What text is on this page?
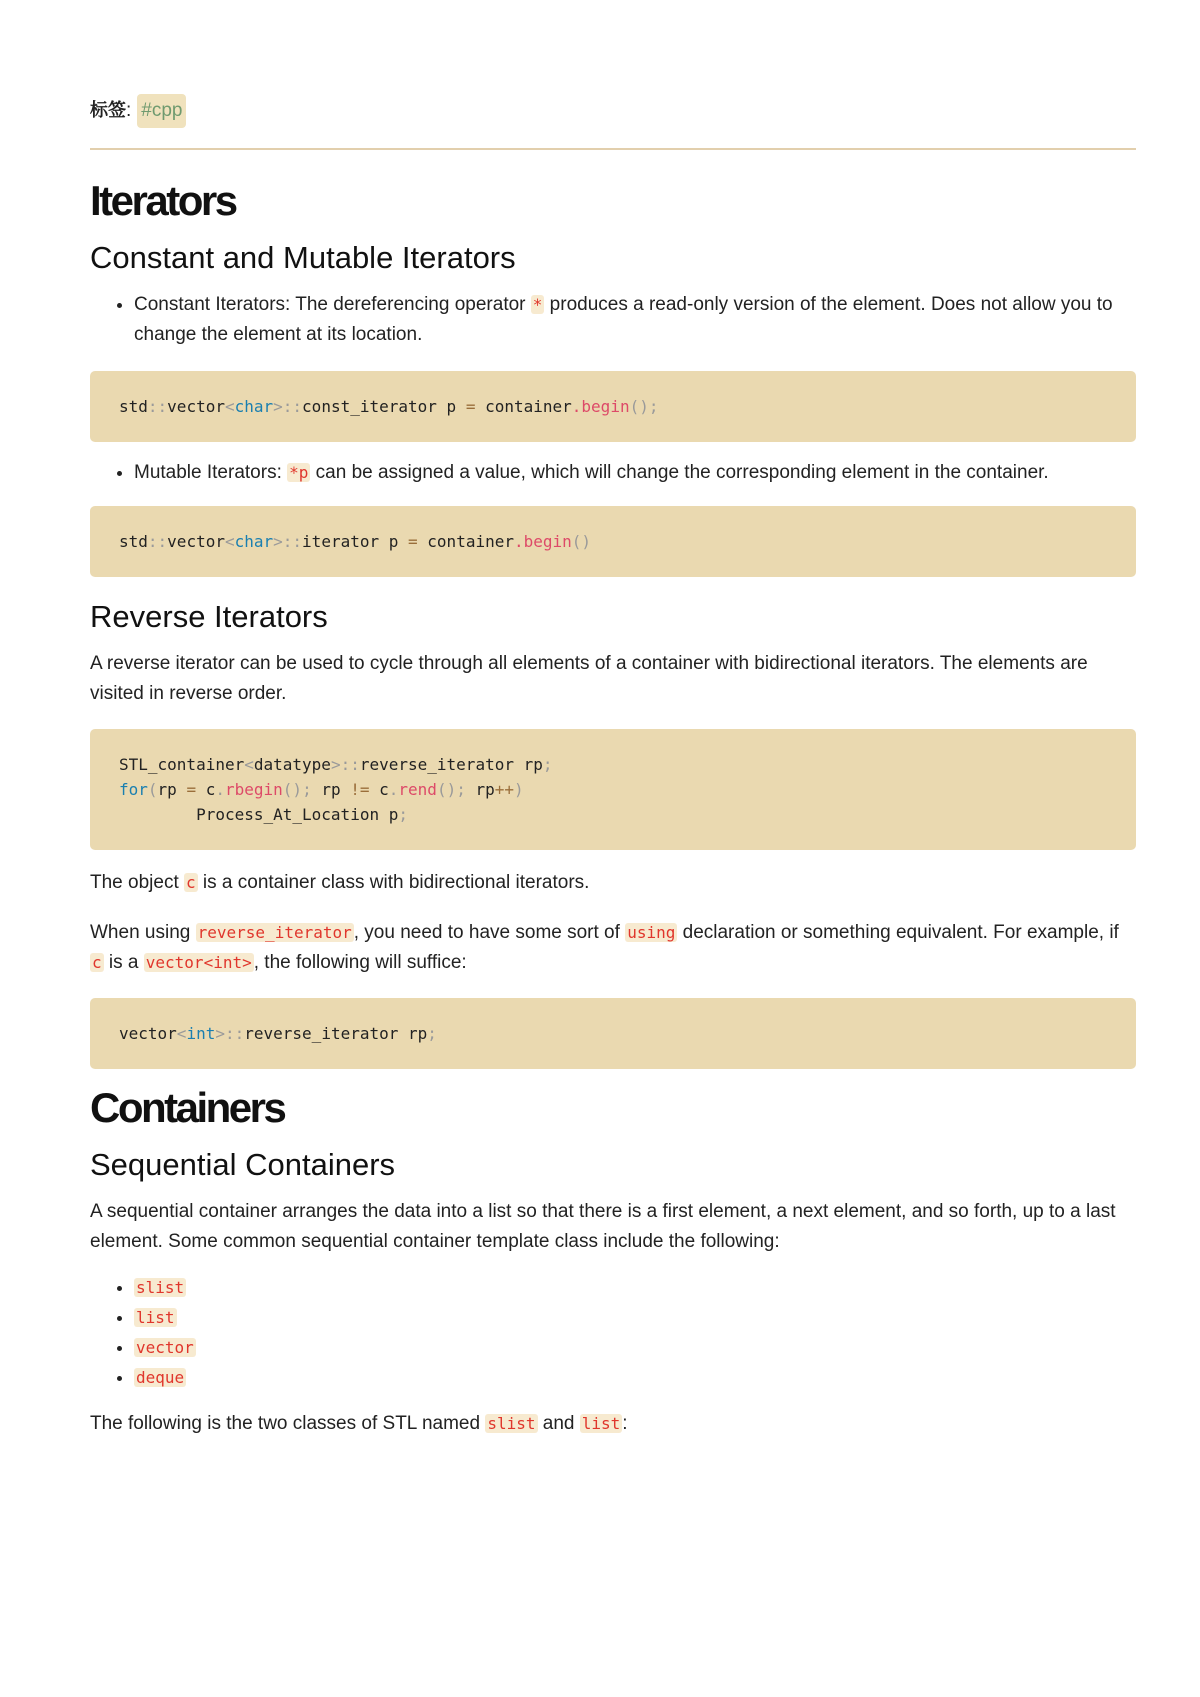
标签 : #cpp
Iterators
Constant and Mutable Iterators
• Constant Iterators: The dereferencing operator * produces a read-only version of the element. Does not allow you to change the element at its location.
std::vector<char>::const_iterator p = container.begin();
• Mutable Iterators: *p can be assigned a value, which will change the corresponding element in the container.
std::vector<char>::iterator p = container.begin()
Reverse Iterators

A reverse iterator can be used to cycle through all elements of a container with bidirectional iterators. The elements are visited in reverse order.

STL_container<datatype>::reverse_iterator rp;
for(rp = c.rbegin(); rp != c.rend(); rp++)
Process_At_Location p;

The object c is a container class with bidirectional iterators.

When using reverse_iterator , you need to have some sort of using declaration or something equivalent. For example, if c is a vector<int> , the following will suffice:

vector<int>::reverse_iterator rp;
Containers
Sequential Containers

A sequential container arranges the data into a list so that there is a first element, a next element, and so forth, up to a last element. Some common sequential container template class include the following:

• slist
• list
• vector
• deque

The following is the two classes of STL named slist and list :
